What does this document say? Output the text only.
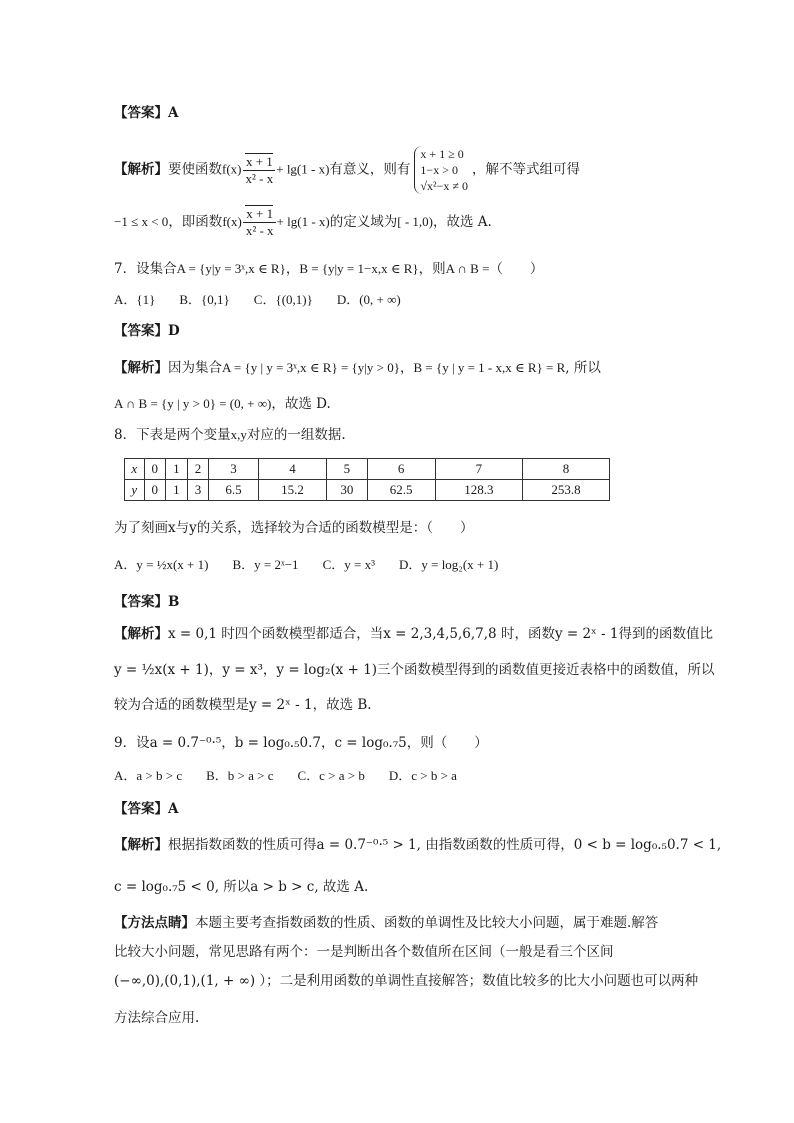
【答案】A
【解析】要使函数$f(x) \frac{x + 1}{\text{x² - x}} + \lg(1 - x)$有意义，则有
x + 1 ≥ 0
1−x > 0
√x²−x ≠ 0
，解不等式组可得
−1 ≤ x < 0，即函数$f(x) \frac{x + 1}{\text{x² - x}} + \lg(1 - x)$的定义域为[ - 1,0)，故选 A.
7．设集合A = {y|y = 3ˣ,x ∈ R}，B = {y|y = 1−x,x ∈ R}，则A ∩ B =（　　）
A．{1} B．{0,1} C．{(0,1)} D．(0, + ∞)
【答案】D
【解析】因为集合A = {y | y = 3ˣ,x ∈ R} = {y|y > 0}，B = {y | y = 1 - x,x ∈ R} = R, 所以
A ∩ B = {y | y > 0} = (0, + ∞)，故选 D.
8．下表是两个变量x,y对应的一组数据.
x	0	1	2	3	4	5	6	7	8
y	0	1	3	6.5	15.2	30	62.5	128.3	253.8
为了刻画x与y的关系，选择较为合适的函数模型是：（　　）
A．y = ½x(x + 1) B．y = 2ˣ−1 C．y = x³ D．y = log₂(x + 1)
【答案】B
【解析】x = 0,1 时四个函数模型都适合，当x = 2,3,4,5,6,7,8 时，函数y = 2ˣ - 1得到的函数值比
y = ½x(x + 1)，y = x³，y = log₂(x + 1)三个函数模型得到的函数值更接近表格中的函数值，所以
较为合适的函数模型是y = 2ˣ - 1，故选 B.
9．设a = 0.7⁻⁰·⁵，b = log₀.₅0.7，c = log₀.₇5，则（　　）
A．a > b > c B．b > a > c C．c > a > b D．c > b > a
【答案】A
【解析】根据指数函数的性质可得a = 0.7⁻⁰·⁵ > 1, 由指数函数的性质可得，0 < b = log₀.₅0.7 < 1,
c = log₀.₇5 < 0, 所以a > b > c, 故选 A.
【方法点睛】本题主要考查指数函数的性质、函数的单调性及比较大小问题，属于难题.解答
比较大小问题，常见思路有两个：一是判断出各个数值所在区间（一般是看三个区间
(−∞,0),(0,1),(1, + ∞) ）；二是利用函数的单调性直接解答；数值比较多的比大小问题也可以两种
方法综合应用.
